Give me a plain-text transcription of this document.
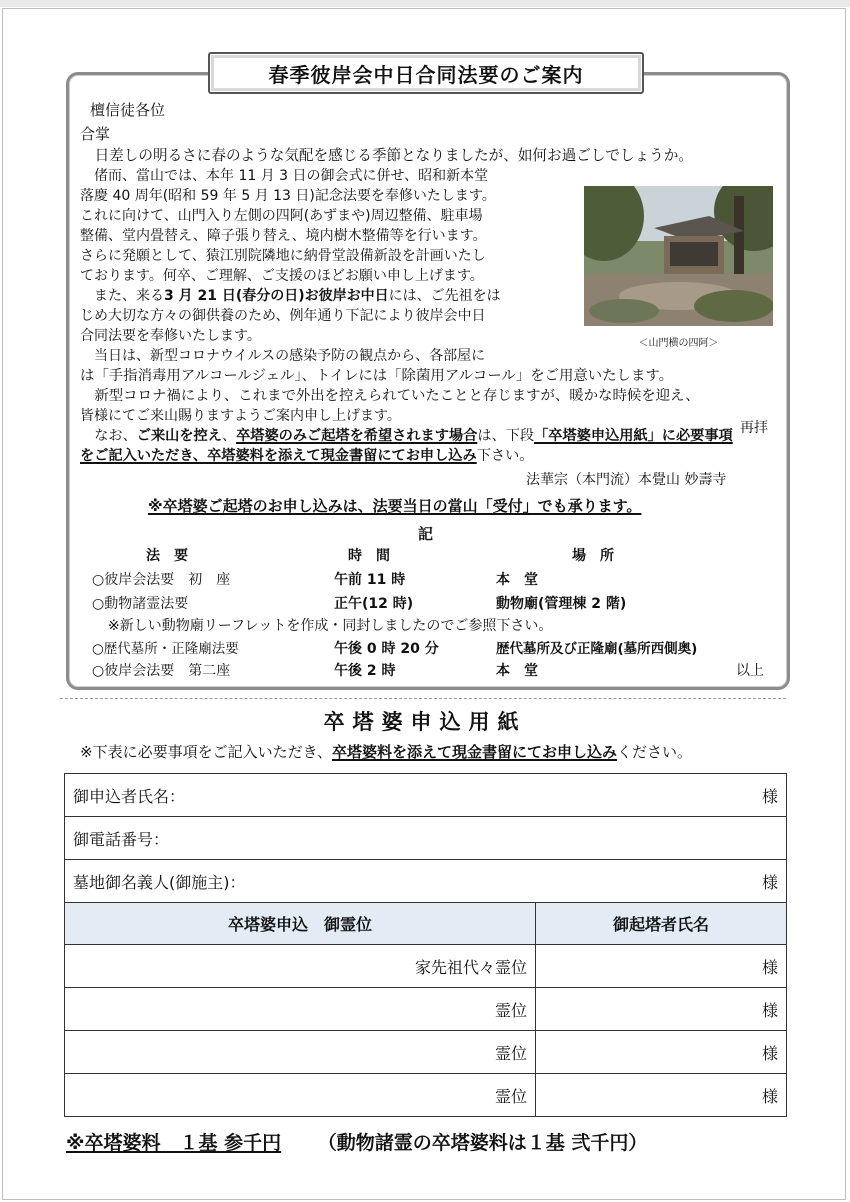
春季彼岸会中日合同法要のご案内
檀信徒各位
合掌
　日差しの明るさに春のような気配を感じる季節となりましたが、如何お過ごしでしょうか。
　偖而、當山では、本年 11 月 3 日の御会式に併せ、昭和新本堂
落慶 40 周年(昭和 59 年 5 月 13 日)記念法要を奉修いたします。
これに向けて、山門入り左側の四阿(あずまや)周辺整備、駐車場
整備、堂内畳替え、障子張り替え、境内樹木整備等を行います。
さらに発願として、猿江別院隣地に納骨堂設備新設を計画いたし
ております。何卒、ご理解、ご支援のほどお願い申し上げます。
　また、来る3 月 21 日(春分の日)お彼岸お中日には、ご先祖をは
じめ大切な方々の御供養のため、例年通り下記により彼岸会中日
合同法要を奉修いたします。
　当日は、新型コロナウイルスの感染予防の観点から、各部屋に
は「手指消毒用アルコールジェル」、トイレには「除菌用アルコール」をご用意いたします。
　新型コロナ禍により、これまで外出を控えられていたことと存じますが、暖かな時候を迎え、
皆様にてご来山賜りますようご案内申し上げます。
再拝
　なお、ご来山を控え、卒塔婆のみご起塔を希望されます場合は、下段「卒塔婆申込用紙」に必要事項
をご記入いただき、卒塔婆料を添えて現金書留にてお申し込み下さい。
法華宗（本門流）本覺山 妙壽寺
※卒塔婆ご起塔のお申し込みは、法要当日の當山「受付」でも承ります。
＜山門横の四阿＞
記
法　要	時　間	場　所
○彼岸会法要　初　座	午前 11 時	本　堂
○動物諸霊法要	正午(12 時)	動物廟(管理棟 2 階)
※新しい動物廟リーフレットを作成・同封しましたのでご参照下さい。
○歴代墓所・正隆廟法要	午後 0 時 20 分	歴代墓所及び正隆廟(墓所西側奥)
○彼岸会法要　第二座	午後 2 時	本　堂	以上
卒塔婆申込用紙
※下表に必要事項をご記入いただき、卒塔婆料を添えて現金書留にてお申し込みください。
御申込者氏名： 様	

御電話番号：	
墓地御名義人(御施主)： 様	

卒塔婆申込　御霊位	御起塔者氏名
家先祖代々霊位	様
霊位	様
霊位	様
霊位	様
※卒塔婆料　１基 参千円 （動物諸霊の卒塔婆料は１基 弐千円）
